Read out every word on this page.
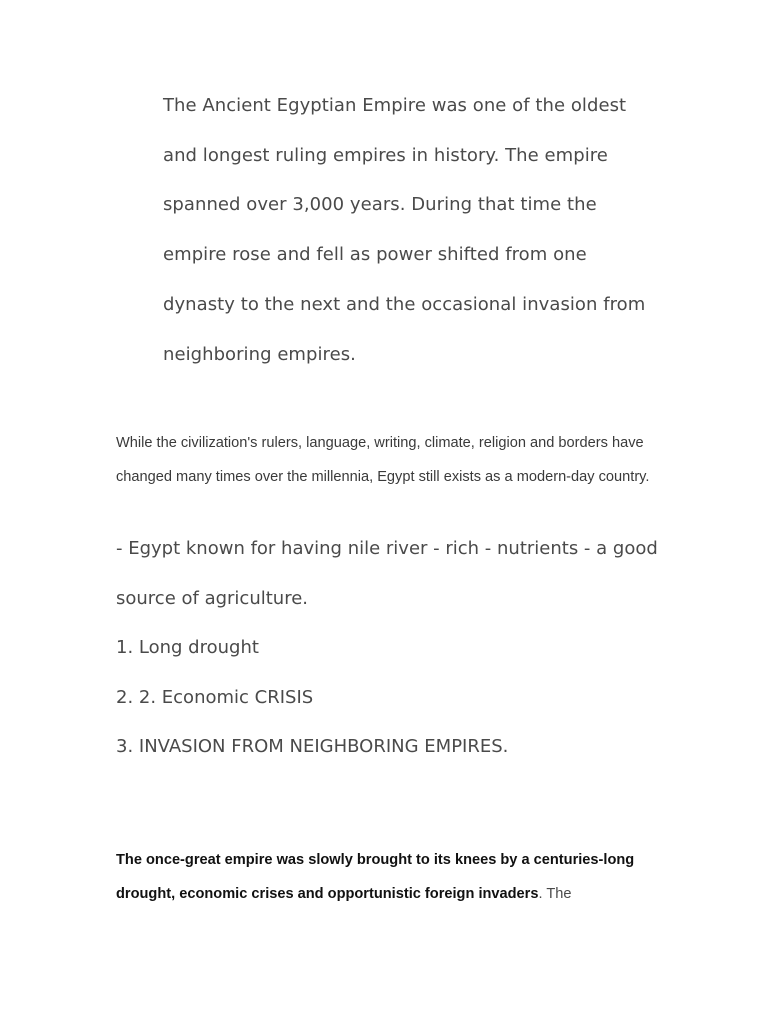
The Ancient Egyptian Empire was one of the oldest and longest ruling empires in history. The empire spanned over 3,000 years. During that time the empire rose and fell as power shifted from one dynasty to the next and the occasional invasion from neighboring empires.

While the civilization's rulers, language, writing, climate, religion and borders have changed many times over the millennia, Egypt still exists as a modern-day country.

- Egypt known for having nile river - rich - nutrients - a good source of agriculture.

1. Long drought
2. 2. Economic CRISIS
3. INVASION FROM NEIGHBORING EMPIRES.

The once-great empire was slowly brought to its knees by a centuries-long drought, economic crises and opportunistic foreign invaders. The
